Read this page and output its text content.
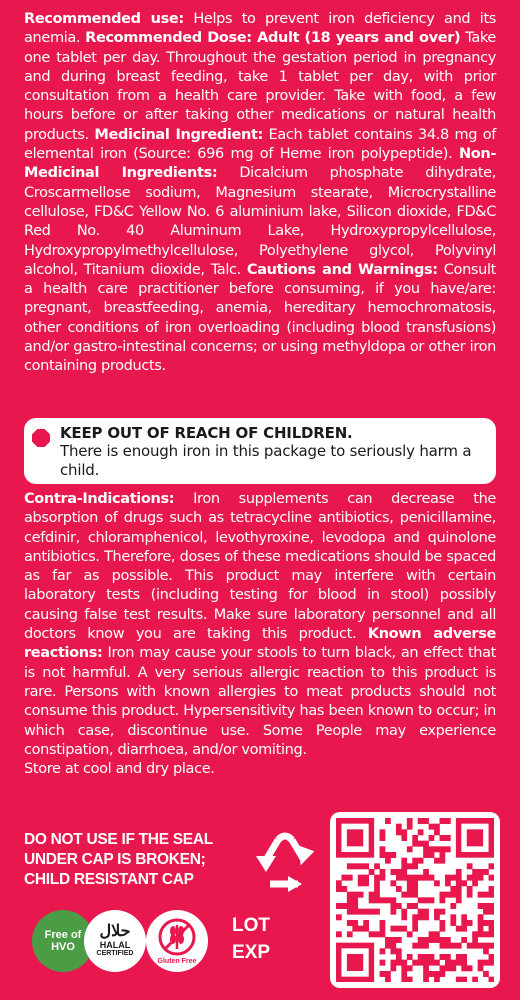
Recommended use: Helps to prevent iron deficiency and its anemia. Recommended Dose: Adult (18 years and over) Take one tablet per day. Throughout the gestation period in pregnancy and during breast feeding, take 1 tablet per day, with prior consultation from a health care provider. Take with food, a few hours before or after taking other medications or natural health products. Medicinal Ingredient: Each tablet contains 34.8 mg of elemental iron (Source: 696 mg of Heme iron polypeptide). Non-Medicinal Ingredients: Dicalcium phosphate dihydrate, Croscarmellose sodium, Magnesium stearate, Microcrystalline cellulose, FD&C Yellow No. 6 aluminium lake, Silicon dioxide, FD&C Red No. 40 Aluminum Lake, Hydroxypropylcellulose, Hydroxypropylmethylcellulose, Polyethylene glycol, Polyvinyl alcohol, Titanium dioxide, Talc. Cautions and Warnings: Consult a health care practitioner before consuming, if you have/are: pregnant, breastfeeding, anemia, hereditary hemochromatosis, other conditions of iron overloading (including blood transfusions) and/or gastro-intestinal concerns; or using methyldopa or other iron containing products.

KEEP OUT OF REACH OF CHILDREN.
There is enough iron in this package to seriously harm a child.

Contra-Indications: Iron supplements can decrease the absorption of drugs such as tetracycline antibiotics, penicillamine, cefdinir, chloramphenicol, levothyroxine, levodopa and quinolone antibiotics. Therefore, doses of these medications should be spaced as far as possible. This product may interfere with certain laboratory tests (including testing for blood in stool) possibly causing false test results. Make sure laboratory personnel and all doctors know you are taking this product. Known adverse reactions: Iron may cause your stools to turn black, an effect that is not harmful. A very serious allergic reaction to this product is rare. Persons with known allergies to meat products should not consume this product. Hypersensitivity has been known to occur; in which case, discontinue use. Some People may experience constipation, diarrhoea, and/or vomiting.

Store at cool and dry place.

DO NOT USE IF THE SEAL
UNDER CAP IS BROKEN;
CHILD RESISTANT CAP
Free of
HVO
حلال
HALAL
CERTIFIED
Gluten Free
LOT
EXP
